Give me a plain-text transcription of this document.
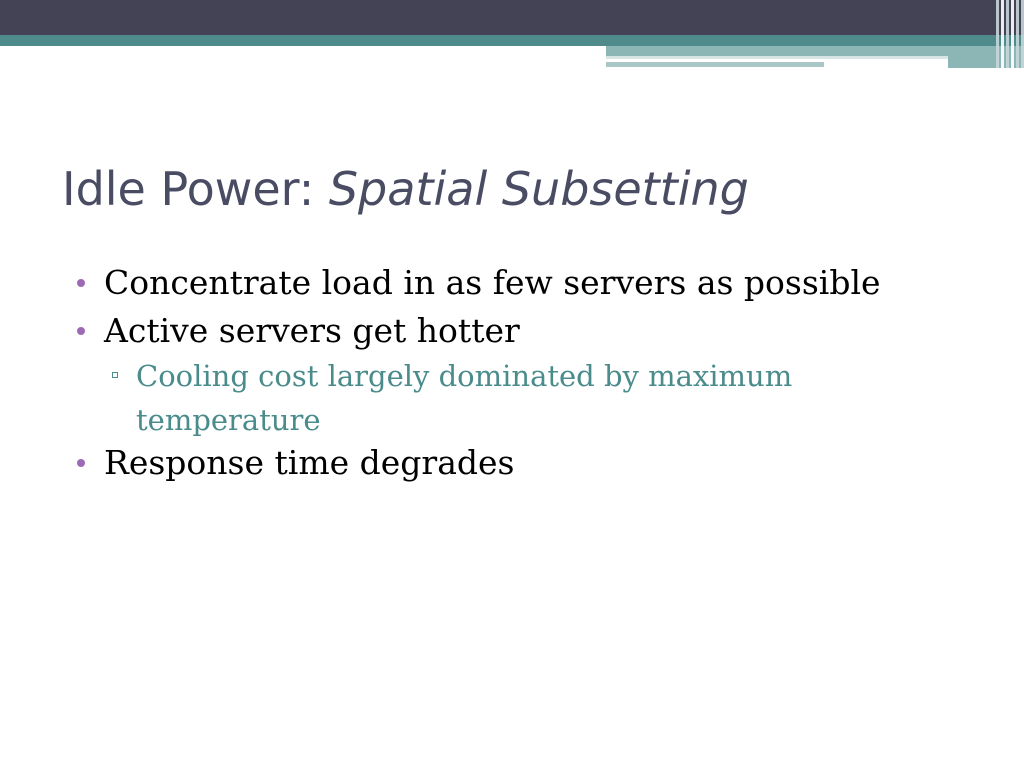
Idle Power: Spatial Subsetting
Concentrate load in as few servers as possible
Active servers get hotter
Cooling cost largely dominated by maximum temperature
Response time degrades
